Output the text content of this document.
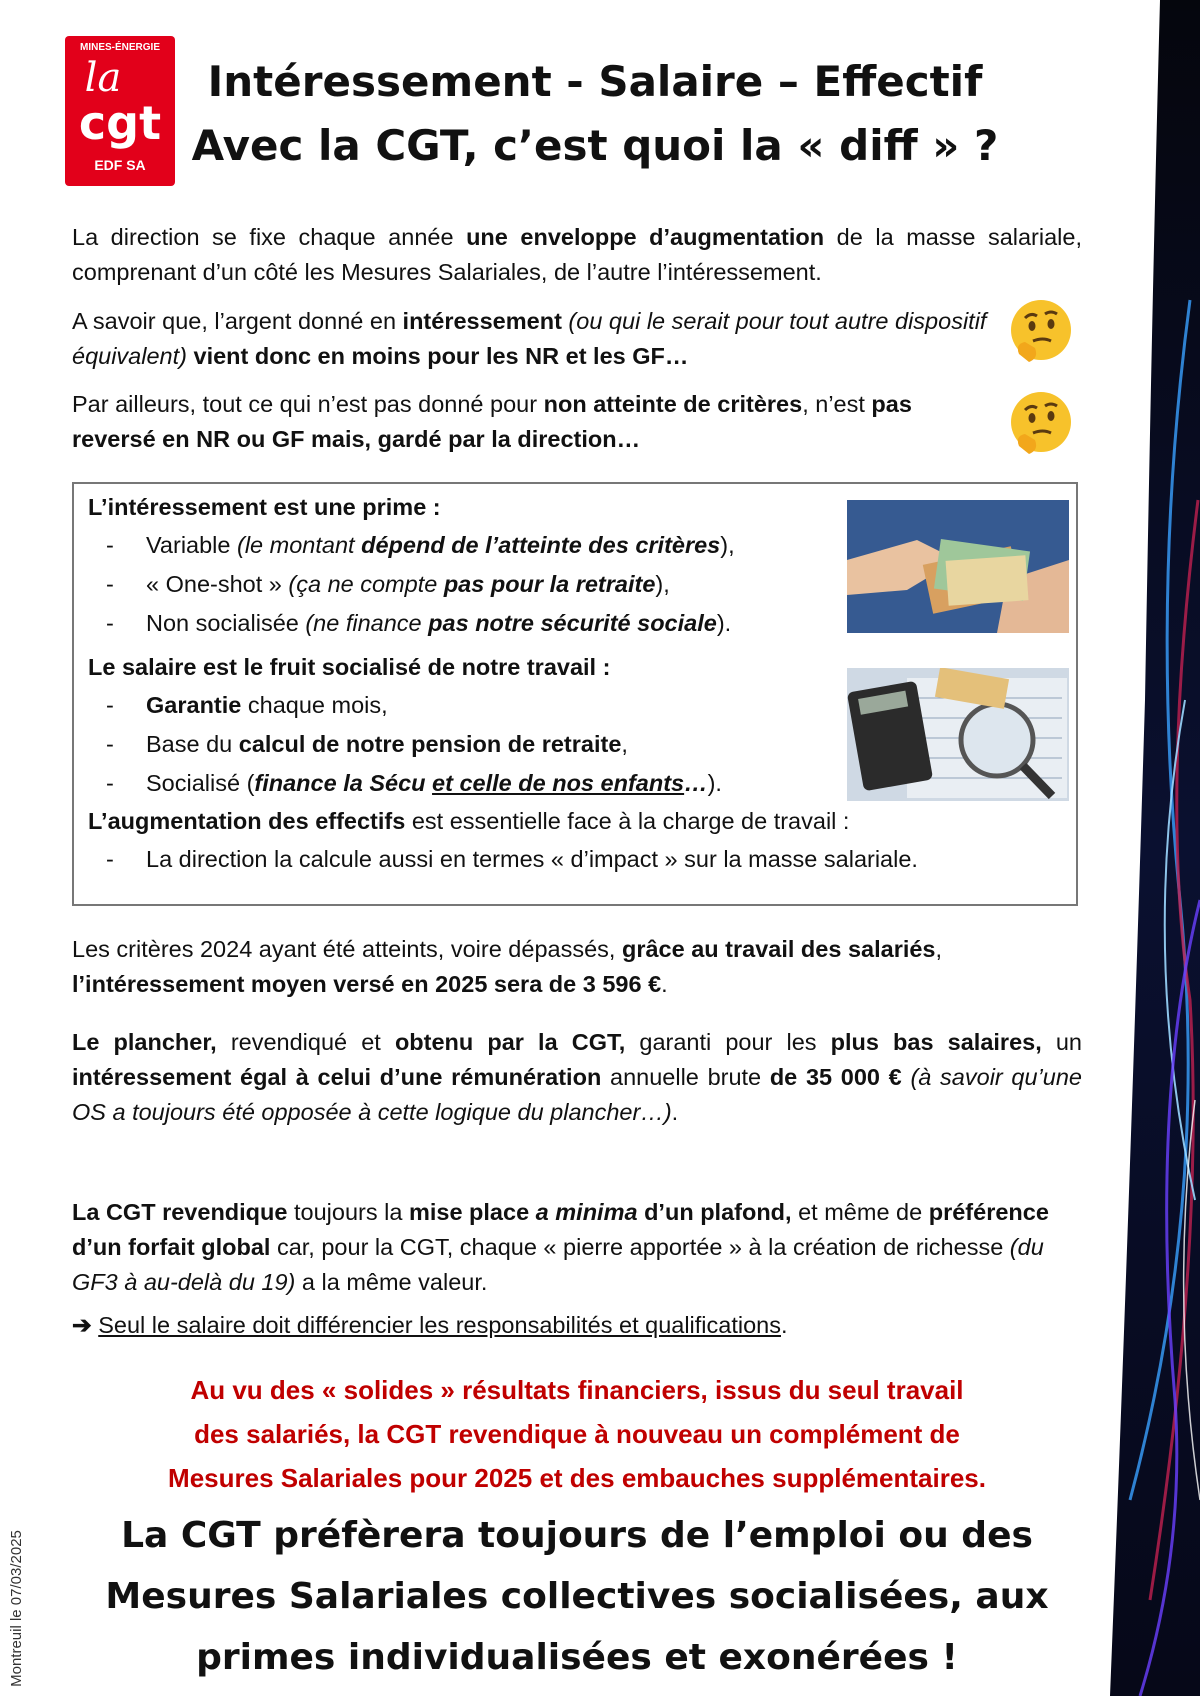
MINES-ÉNERGIE
la
cgt
EDF SA
Intéressement - Salaire – Effectif
Avec la CGT, c’est quoi la « diff » ?
La direction se fixe chaque année une enveloppe d’augmentation de la masse salariale, comprenant d’un côté les Mesures Salariales, de l’autre l’intéressement.
A savoir que, l’argent donné en intéressement (ou qui le serait pour tout autre dispositif équivalent) vient donc en moins pour les NR et les GF…
Par ailleurs, tout ce qui n’est pas donné pour non atteinte de critères, n’est pas reversé en NR ou GF mais, gardé par la direction…
L’intéressement est une prime :
- Variable (le montant dépend de l’atteinte des critères),
- « One-shot » (ça ne compte pas pour la retraite),
- Non socialisée (ne finance pas notre sécurité sociale).
Le salaire est le fruit socialisé de notre travail :
- Garantie chaque mois,
- Base du calcul de notre pension de retraite,
- Socialisé (finance la Sécu et celle de nos enfants…).
L’augmentation des effectifs est essentielle face à la charge de travail :
- La direction la calcule aussi en termes « d’impact » sur la masse salariale.
Les critères 2024 ayant été atteints, voire dépassés, grâce au travail des salariés, l’intéressement moyen versé en 2025 sera de 3 596 €.
Le plancher, revendiqué et obtenu par la CGT, garanti pour les plus bas salaires, un intéressement égal à celui d’une rémunération annuelle brute de 35 000 € (à savoir qu’une OS a toujours été opposée à cette logique du plancher…).
La CGT revendique toujours la mise place a minima d’un plafond, et même de préférence d’un forfait global car, pour la CGT, chaque « pierre apportée » à la création de richesse (du GF3 à au-delà du 19) a la même valeur.
➔ Seul le salaire doit différencier les responsabilités et qualifications.
Au vu des « solides » résultats financiers, issus du seul travail
des salariés, la CGT revendique à nouveau un complément de
Mesures Salariales pour 2025 et des embauches supplémentaires.
La CGT préfèrera toujours de l’emploi ou des
Mesures Salariales collectives socialisées, aux
primes individualisées et exonérées !
Montreuil le 07/03/2025
